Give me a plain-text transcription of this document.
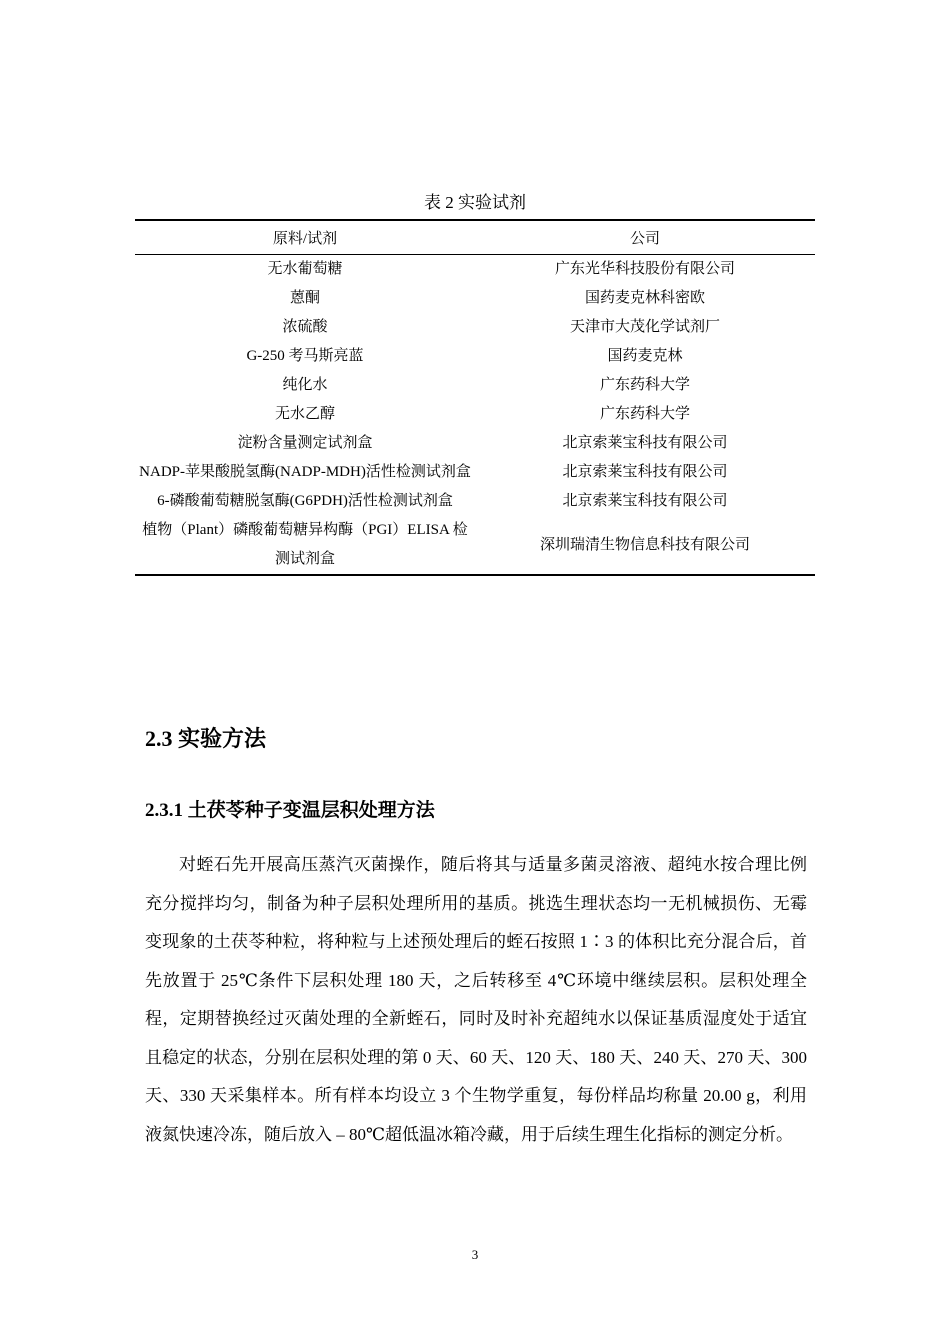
表 2 实验试剂
原料/试剂	公司
无水葡萄糖	广东光华科技股份有限公司
蒽酮	国药麦克林科密欧
浓硫酸	天津市大茂化学试剂厂
G-250 考马斯亮蓝	国药麦克林
纯化水	广东药科大学
无水乙醇	广东药科大学
淀粉含量测定试剂盒	北京索莱宝科技有限公司
NADP-苹果酸脱氢酶(NADP-MDH)活性检测试剂盒	北京索莱宝科技有限公司
6-磷酸葡萄糖脱氢酶(G6PDH)活性检测试剂盒	北京索莱宝科技有限公司
植物（Plant）磷酸葡萄糖异构酶（PGI）ELISA 检测试剂盒	深圳瑞清生物信息科技有限公司
2.3 实验方法
2.3.1 土茯苓种子变温层积处理方法

对蛭石先开展高压蒸汽灭菌操作，随后将其与适量多菌灵溶液、超纯水按合理比例充分搅拌均匀，制备为种子层积处理所用的基质。挑选生理状态均一无机械损伤、无霉变现象的土茯苓种粒，将种粒与上述预处理后的蛭石按照 1∶3 的体积比充分混合后，首先放置于 25℃条件下层积处理 180 天，之后转移至 4℃环境中继续层积。层积处理全程，定期替换经过灭菌处理的全新蛭石，同时及时补充超纯水以保证基质湿度处于适宜且稳定的状态，分别在层积处理的第 0 天、60 天、120 天、180 天、240 天、270 天、300 天、330 天采集样本。所有样本均设立 3 个生物学重复，每份样品均称量 20.00 g，利用液氮快速冷冻，随后放入 – 80℃超低温冰箱冷藏，用于后续生理生化指标的测定分析。

3
